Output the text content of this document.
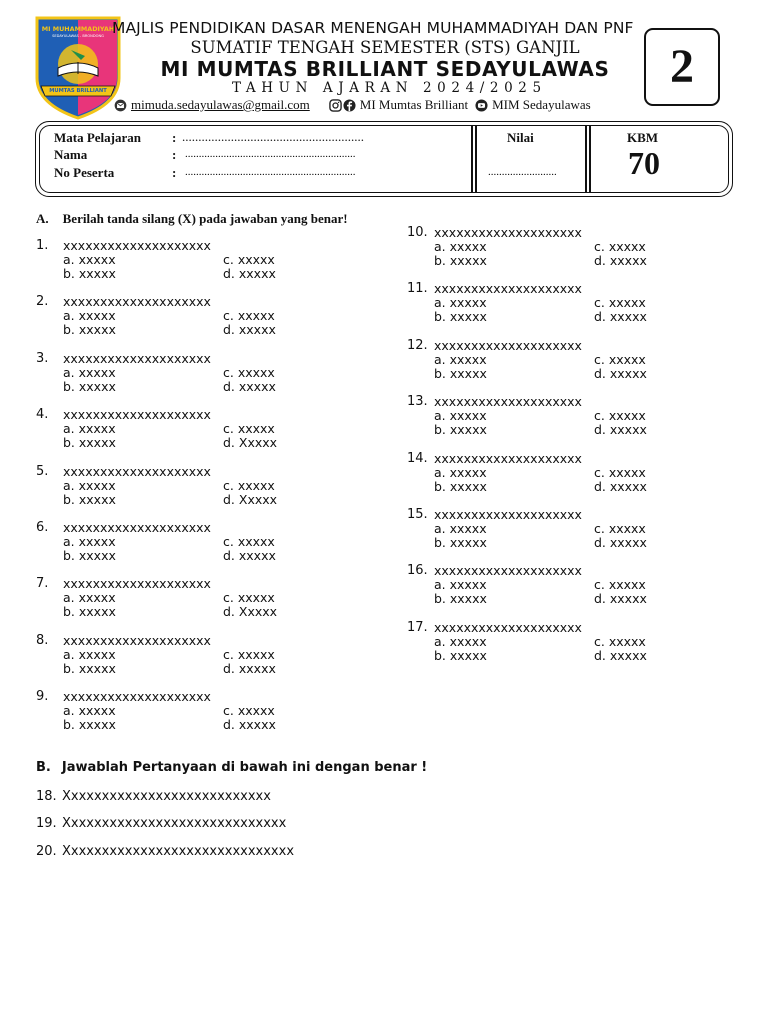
MI MUHAMMADIYAH
SEDAYULAWAS - BRONDONG
MUMTAS BRILLIANT
MAJLIS PENDIDIKAN DASAR MENENGAH MUHAMMADIYAH DAN PNF
SUMATIF TENGAH SEMESTER (STS) GANJIL
MI MUMTAS BRILLIANT SEDAYULAWAS
TAHUN AJARAN 2024/2025
mimuda.sedayulawas@gmail.com	MI Mumtas Brilliant MIM Sedayulawas
2
Mata Pelajaran : ........................................................
Nama	: ..............................................................
No Peserta	: ..............................................................
Nilai
.........................
KBM
70
A. Berilah tanda silang (X) pada jawaban yang benar!
1. xxxxxxxxxxxxxxxxxxxx
a. xxxxx
b. xxxxx
c. xxxxx
d. xxxxx
2. xxxxxxxxxxxxxxxxxxxx
a. xxxxx
b. xxxxx
c. xxxxx
d. xxxxx
3. xxxxxxxxxxxxxxxxxxxx
a. xxxxx
b. xxxxx
c. xxxxx
d. xxxxx
4. xxxxxxxxxxxxxxxxxxxx
a. xxxxx
b. xxxxx
c. xxxxx
d. Xxxxx
5. xxxxxxxxxxxxxxxxxxxx
a. xxxxx
b. xxxxx
c. xxxxx
d. Xxxxx
6. xxxxxxxxxxxxxxxxxxxx
a. xxxxx
b. xxxxx
c. xxxxx
d. xxxxx
7. xxxxxxxxxxxxxxxxxxxx
a. xxxxx
b. xxxxx
c. xxxxx
d. Xxxxx
8. xxxxxxxxxxxxxxxxxxxx
a. xxxxx
b. xxxxx
c. xxxxx
d. xxxxx
9. xxxxxxxxxxxxxxxxxxxx
a. xxxxx
b. xxxxx
c. xxxxx
d. xxxxx
10. xxxxxxxxxxxxxxxxxxxx
a. xxxxx
b. xxxxx
c. xxxxx
d. xxxxx
11. xxxxxxxxxxxxxxxxxxxx
a. xxxxx
b. xxxxx
c. xxxxx
d. xxxxx
12. xxxxxxxxxxxxxxxxxxxx
a. xxxxx
b. xxxxx
c. xxxxx
d. xxxxx
13. xxxxxxxxxxxxxxxxxxxx
a. xxxxx
b. xxxxx
c. xxxxx
d. xxxxx
14. xxxxxxxxxxxxxxxxxxxx
a. xxxxx
b. xxxxx
c. xxxxx
d. xxxxx
15. xxxxxxxxxxxxxxxxxxxx
a. xxxxx
b. xxxxx
c. xxxxx
d. xxxxx
16. xxxxxxxxxxxxxxxxxxxx
a. xxxxx
b. xxxxx
c. xxxxx
d. xxxxx
17. xxxxxxxxxxxxxxxxxxxx
a. xxxxx
b. xxxxx
c. xxxxx
d. xxxxx
B. Jawablah Pertanyaan di bawah ini dengan benar !
18. Xxxxxxxxxxxxxxxxxxxxxxxxxxx
19. Xxxxxxxxxxxxxxxxxxxxxxxxxxxxx
20. Xxxxxxxxxxxxxxxxxxxxxxxxxxxxxx
